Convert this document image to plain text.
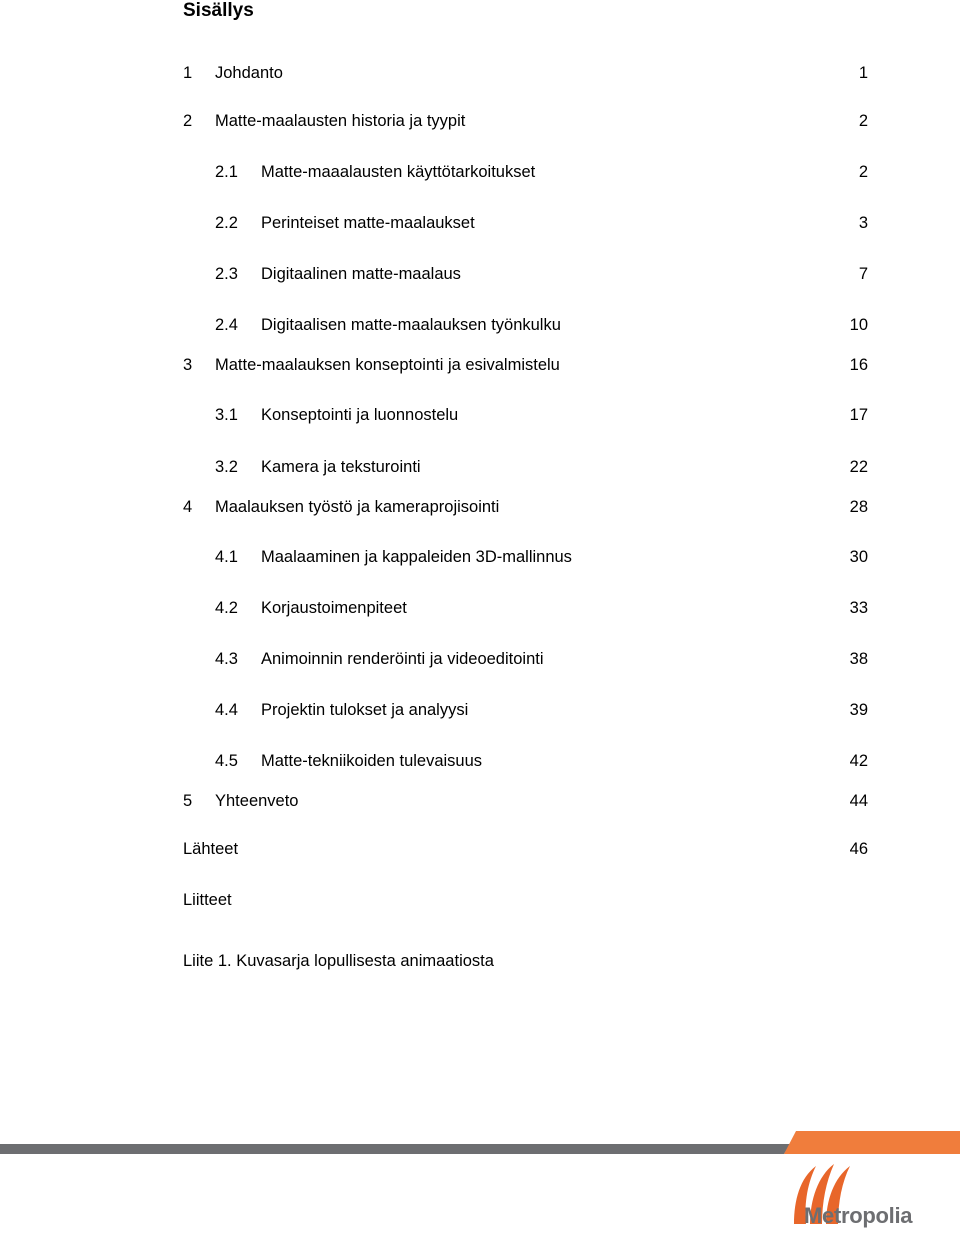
Sisällys
1 Johdanto	1
2 Matte-maalausten historia ja tyypit	2
2.1 Matte-maaalausten käyttötarkoitukset	2
2.2 Perinteiset matte-maalaukset	3
2.3 Digitaalinen matte-maalaus	7
2.4 Digitaalisen matte-maalauksen työnkulku	10
3 Matte-maalauksen konseptointi ja esivalmistelu	16
3.1 Konseptointi ja luonnostelu	17
3.2 Kamera ja teksturointi	22
4 Maalauksen työstö ja kameraprojisointi	28
4.1 Maalaaminen ja kappaleiden 3D-mallinnus	30
4.2 Korjaustoimenpiteet	33
4.3 Animoinnin renderöinti ja videoeditointi	38
4.4 Projektin tulokset ja analyysi	39
4.5 Matte-tekniikoiden tulevaisuus	42
5 Yhteenveto	44
Lähteet	46
Liitteet
Liite 1. Kuvasarja lopullisesta animaatiosta
Metropolia
